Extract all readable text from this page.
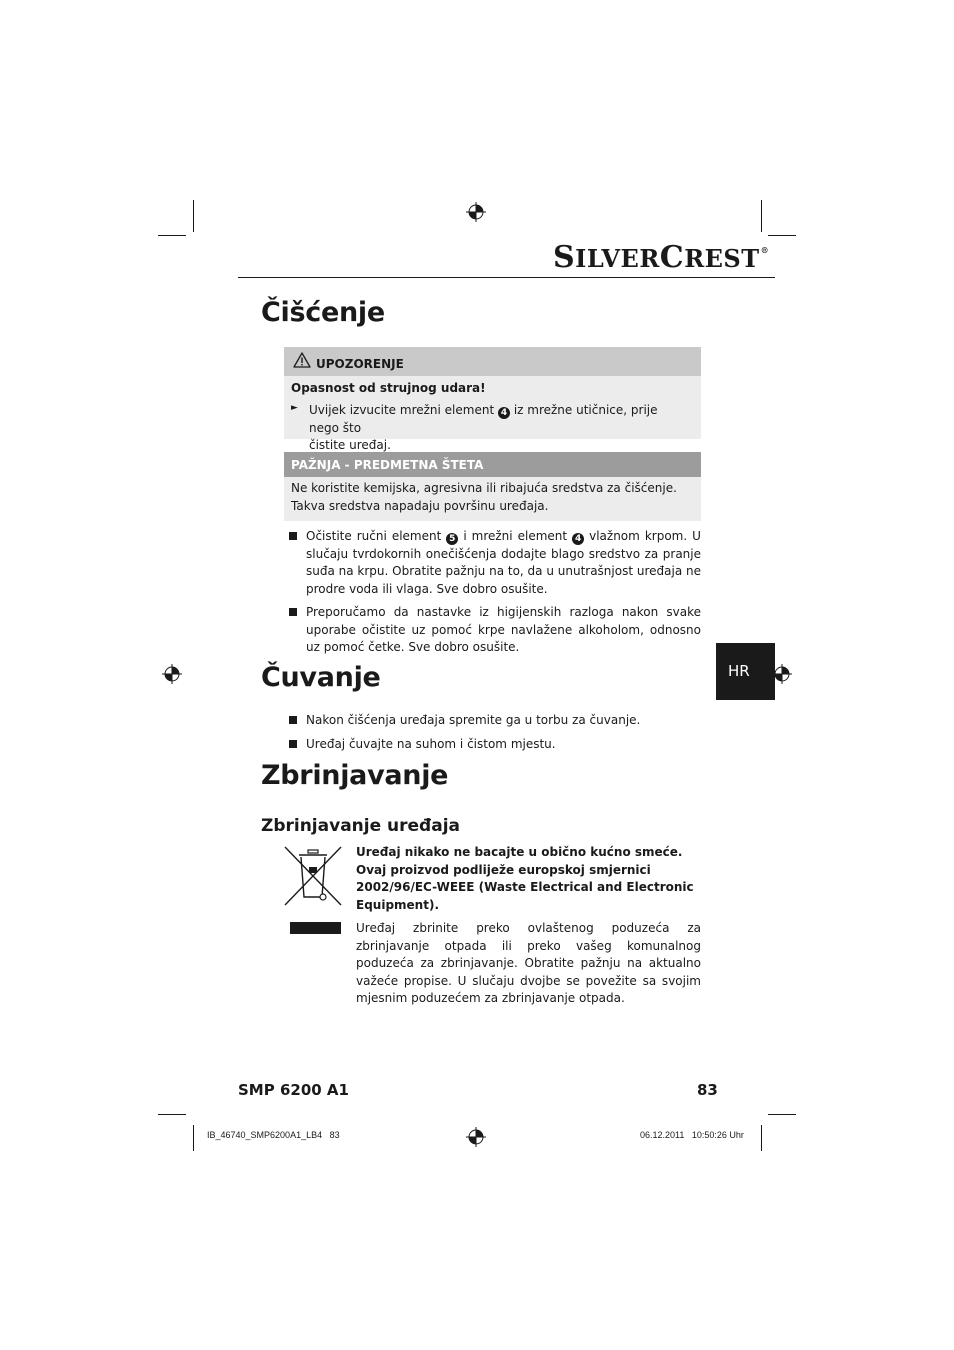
SILVERCREST®
Čišćenje
UPOZORENJE
Opasnost od strujnog udara!
► Uvijek izvucite mrežni element 4 iz mrežne utičnice, prije nego što
čistite uređaj.
PAŽNJA - PREDMETNA ŠTETA
Ne koristite kemijska, agresivna ili ribajuća sredstva za čišćenje. Takva sredstva napadaju površinu uređaja.
Očistite ručni element 5 i mrežni element 4 vlažnom krpom. U slučaju tvrdokornih onečišćenja dodajte blago sredstvo za pranje suđa na krpu. Obratite pažnju na to, da u unutrašnjost uređaja ne prodre voda ili vlaga. Sve dobro osušite.
Preporučamo da nastavke iz higijenskih razloga nakon svake uporabe očistite uz pomoć krpe navlažene alkoholom, odnosno uz pomoć četke. Sve dobro osušite.
HR
Čuvanje
Nakon čišćenja uređaja spremite ga u torbu za čuvanje.
Uređaj čuvajte na suhom i čistom mjestu.
Zbrinjavanje
Zbrinjavanje uređaja
Uređaj nikako ne bacajte u obično kućno smeće. Ovaj proizvod podliježe europskoj smjernici 2002/96/EC-WEEE (Waste Electrical and Electronic Equipment).
Uređaj zbrinite preko ovlaštenog poduzeća za zbrinjavanje otpada ili preko vašeg komunalnog poduzeća za zbrinjavanje. Obratite pažnju na aktualno važeće propise. U slučaju dvojbe se povežite sa svojim mjesnim poduzećem za zbrinjavanje otpada.
SMP 6200 A1	83
IB_46740_SMP6200A1_LB4   83	06.12.2011   10:50:26 Uhr
